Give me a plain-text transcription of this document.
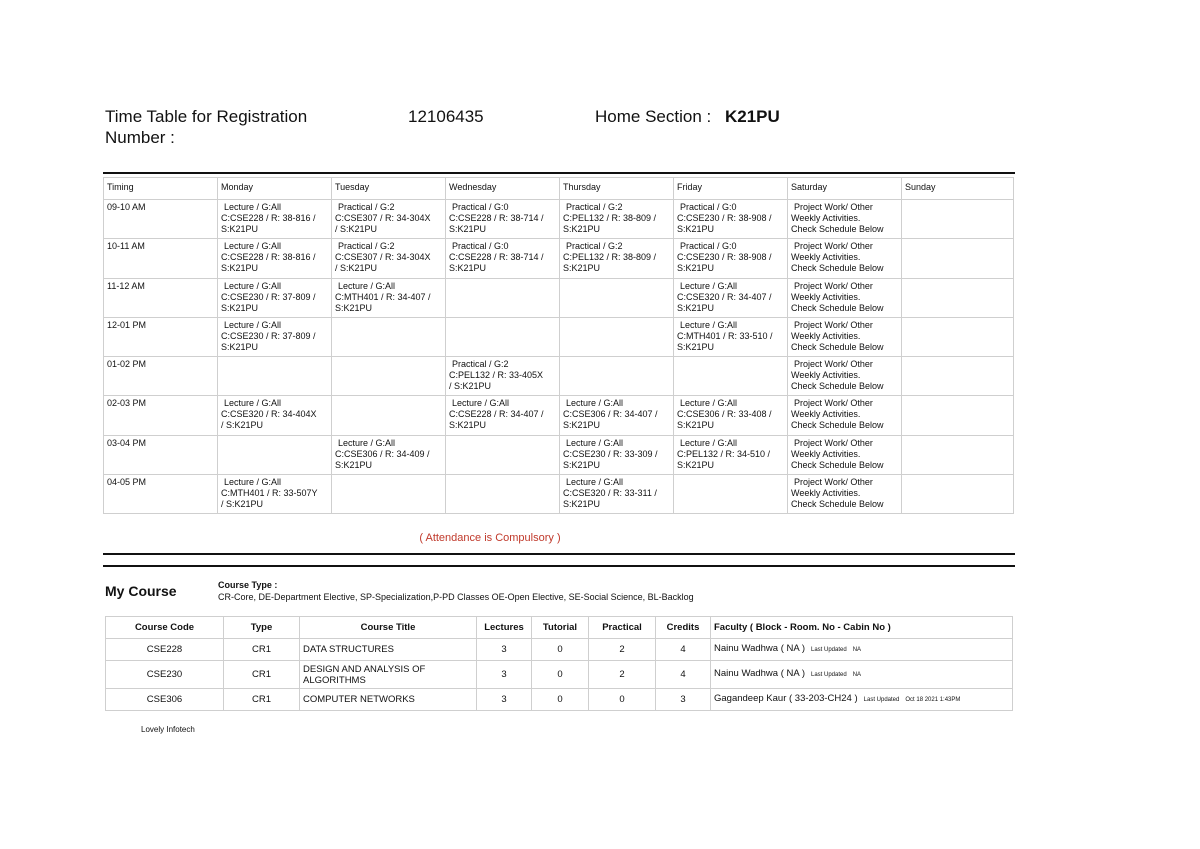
Time Table for Registration Number :
12106435	Home Section : K21PU
Timing	Monday	Tuesday	Wednesday	Thursday	Friday	Saturday	Sunday
09-10 AM	Lecture / G:All
C:CSE228 / R: 38-816 /
S:K21PU	Practical / G:2
C:CSE307 / R: 34-304X
/ S:K21PU	Practical / G:0
C:CSE228 / R: 38-714 /
S:K21PU	Practical / G:2
C:PEL132 / R: 38-809 /
S:K21PU	Practical / G:0
C:CSE230 / R: 38-908 /
S:K21PU	Project Work/ Other
Weekly Activities.
Check Schedule Below	

10-11 AM	Lecture / G:All
C:CSE228 / R: 38-816 /
S:K21PU	Practical / G:2
C:CSE307 / R: 34-304X
/ S:K21PU	Practical / G:0
C:CSE228 / R: 38-714 /
S:K21PU	Practical / G:2
C:PEL132 / R: 38-809 /
S:K21PU	Practical / G:0
C:CSE230 / R: 38-908 /
S:K21PU	Project Work/ Other
Weekly Activities.
Check Schedule Below	

11-12 AM	Lecture / G:All
C:CSE230 / R: 37-809 /
S:K21PU	Lecture / G:All
C:MTH401 / R: 34-407 /
S:K21PU			Lecture / G:All
C:CSE320 / R: 34-407 /
S:K21PU	Project Work/ Other
Weekly Activities.
Check Schedule Below	

12-01 PM	Lecture / G:All
C:CSE230 / R: 37-809 /
S:K21PU				Lecture / G:All
C:MTH401 / R: 33-510 /
S:K21PU	Project Work/ Other
Weekly Activities.
Check Schedule Below	

01-02 PM			Practical / G:2
C:PEL132 / R: 33-405X
/ S:K21PU			Project Work/ Other
Weekly Activities.
Check Schedule Below	

02-03 PM	Lecture / G:All
C:CSE320 / R: 34-404X
/ S:K21PU		Lecture / G:All
C:CSE228 / R: 34-407 /
S:K21PU	Lecture / G:All
C:CSE306 / R: 34-407 /
S:K21PU	Lecture / G:All
C:CSE306 / R: 33-408 /
S:K21PU	Project Work/ Other
Weekly Activities.
Check Schedule Below	

03-04 PM		Lecture / G:All
C:CSE306 / R: 34-409 /
S:K21PU		Lecture / G:All
C:CSE230 / R: 33-309 /
S:K21PU	Lecture / G:All
C:PEL132 / R: 34-510 /
S:K21PU	Project Work/ Other
Weekly Activities.
Check Schedule Below	

04-05 PM	Lecture / G:All
C:MTH401 / R: 33-507Y
/ S:K21PU			Lecture / G:All
C:CSE320 / R: 33-311 /
S:K21PU		Project Work/ Other
Weekly Activities.
Check Schedule Below	

( Attendance is Compulsory )
My Course	Course Type :
CR-Core, DE-Department Elective, SP-Specialization,P-PD Classes OE-Open Elective, SE-Social Science, BL-Backlog
Course Code	Type	Course Title	Lectures	Tutorial	Practical	Credits	Faculty ( Block - Room. No - Cabin No )
CSE228	CR1	DATA STRUCTURES	3	0	2	4	Nainu Wadhwa ( NA ) Last Updated NA
CSE230	CR1	DESIGN AND ANALYSIS OF ALGORITHMS	3	0	2	4	Nainu Wadhwa ( NA ) Last Updated NA
CSE306	CR1	COMPUTER NETWORKS	3	0	0	3	Gagandeep Kaur ( 33-203-CH24 ) Last Updated Oct 18 2021 1:43PM
Lovely Infotech
